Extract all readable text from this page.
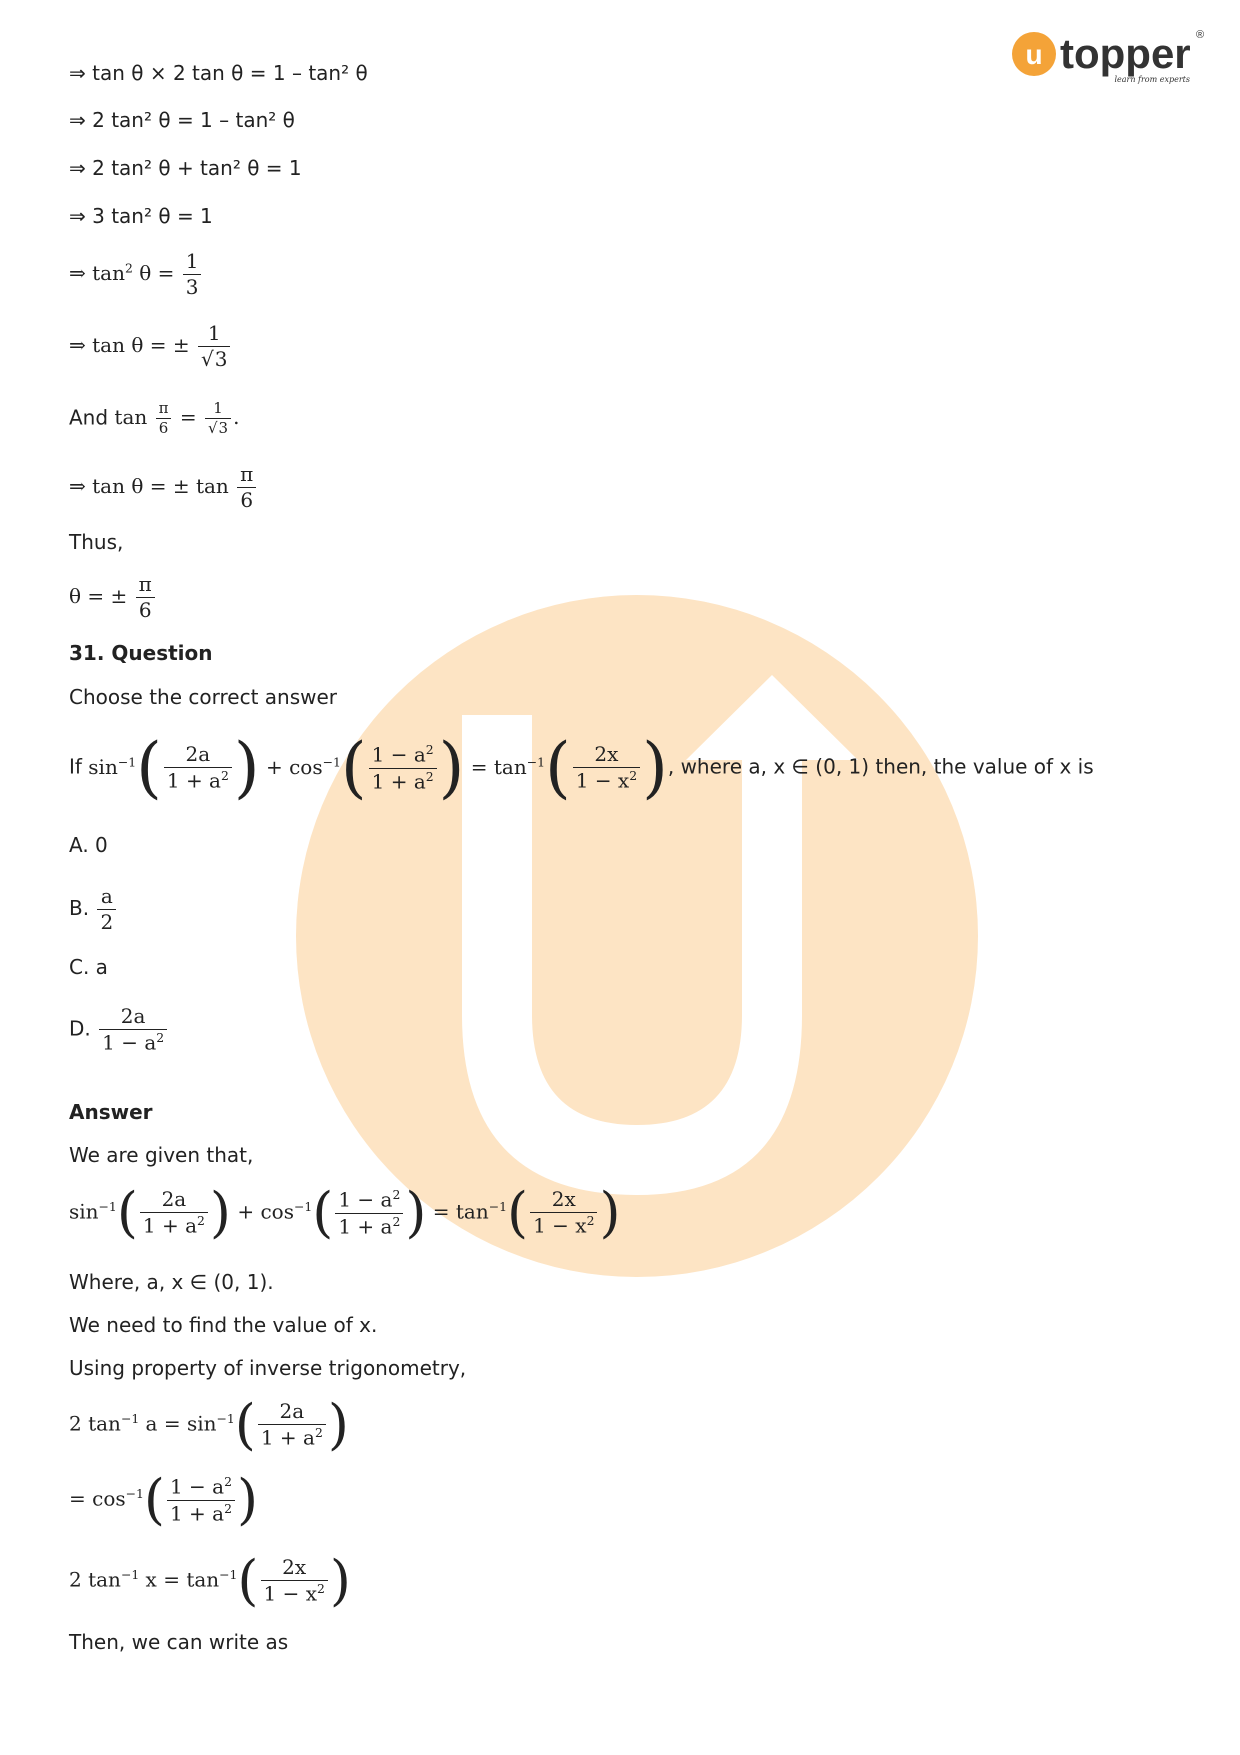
u topper ®
learn from experts
⇒ tan θ × 2 tan θ = 1 – tan² θ
⇒ 2 tan² θ = 1 – tan² θ
⇒ 2 tan² θ + tan² θ = 1
⇒ 3 tan² θ = 1
⇒ $\tan^2 \theta = \frac{1}{3}$
⇒ tan θ = ± $\frac{1}{√3}$
And $\tan \frac{\pi}{6} = \frac{1}{√3}$ .
⇒ tan θ = ± $\tan \frac{\pi}{6}$
Thus,
θ = ± $\frac{\pi}{6}$
31. Question
Choose the correct answer
If $\sin^{-1}( \frac{2a}{1 + a^2}$ ) + $\cos^{-1}( \frac{1 - a^2}{1 + a^2}$ ) = $\tan^{-1}( \frac{2x}{1 - x^2}$ ), where a, x ∈ (0, 1) then, the value of x is
A. 0
B. $\frac{a}{2}$
C. a
D. $\frac{2a}{1 - a^2}$
Answer
We are given that,
$\sin^{-1}( \frac{2a}{1 + a^2}$ ) + $\cos^{-1}( \frac{1 - a^2}{1 + a^2}$ ) = $\tan^{-1}( \frac{2x}{1 - x^2}$ )
Where, a, x ∈ (0, 1).
We need to find the value of x.
Using property of inverse trigonometry,
2 $\tan^{-1} a = \sin^{-1}( \frac{2a}{1 + a^2}$ )
= $\cos^{-1}( \frac{1 - a^2}{1 + a^2}$ )
2 $\tan^{-1} x = \tan^{-1}( \frac{2x}{1 - x^2}$ )
Then, we can write as
